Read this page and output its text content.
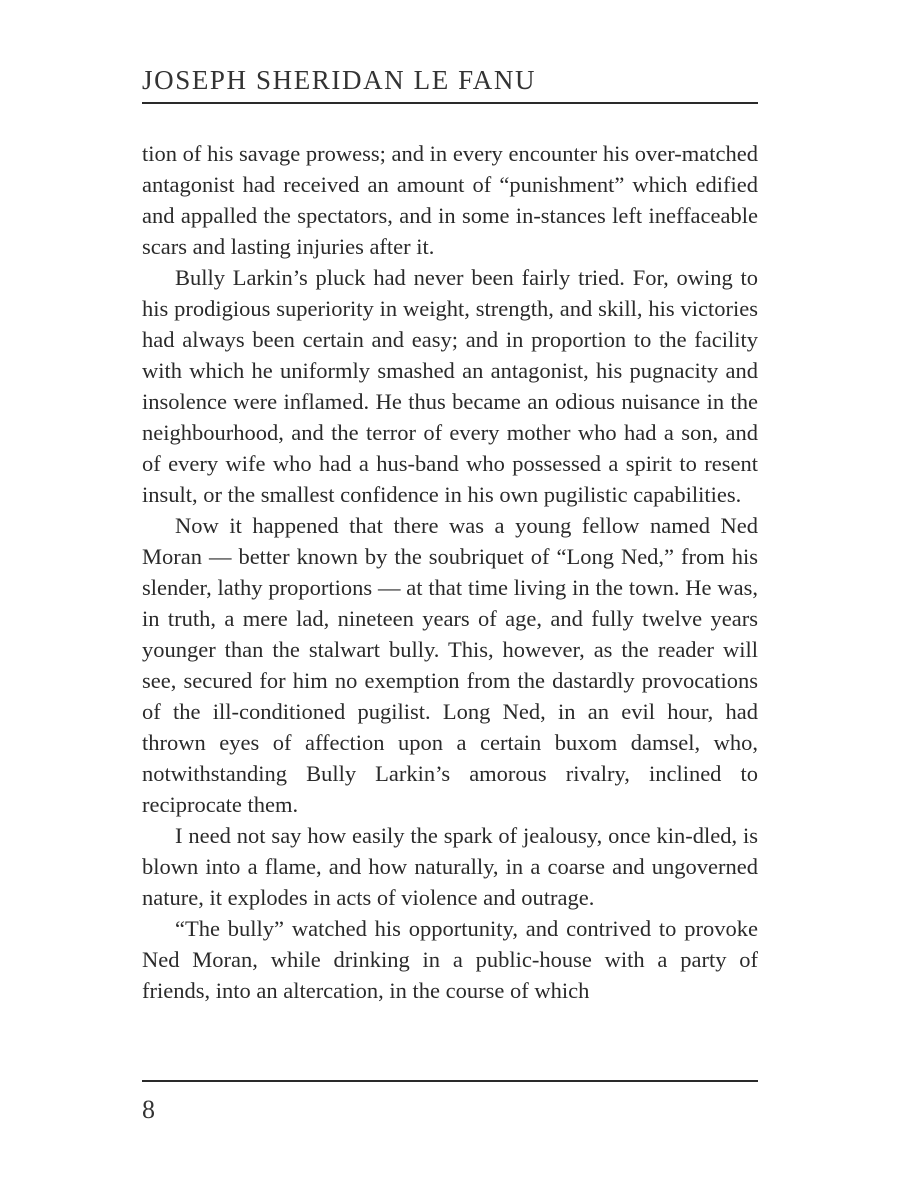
JOSEPH SHERIDAN LE FANU

tion of his savage prowess; and in every encounter his over-matched antagonist had received an amount of “punishment” which edified and appalled the spectators, and in some in-stances left ineffaceable scars and lasting injuries after it.

Bully Larkin’s pluck had never been fairly tried. For, owing to his prodigious superiority in weight, strength, and skill, his victories had always been certain and easy; and in proportion to the facility with which he uniformly smashed an antagonist, his pugnacity and insolence were inflamed. He thus became an odious nuisance in the neighbourhood, and the terror of every mother who had a son, and of every wife who had a hus-band who possessed a spirit to resent insult, or the smallest confidence in his own pugilistic capabilities.

Now it happened that there was a young fellow named Ned Moran — better known by the soubriquet of “Long Ned,” from his slender, lathy proportions — at that time living in the town. He was, in truth, a mere lad, nineteen years of age, and fully twelve years younger than the stalwart bully. This, however, as the reader will see, secured for him no exemption from the dastardly provocations of the ill-conditioned pugilist. Long Ned, in an evil hour, had thrown eyes of affection upon a certain buxom damsel, who, notwithstanding Bully Larkin’s amorous rivalry, inclined to reciprocate them.

I need not say how easily the spark of jealousy, once kin-dled, is blown into a flame, and how naturally, in a coarse and ungoverned nature, it explodes in acts of violence and outrage.

“The bully” watched his opportunity, and contrived to provoke Ned Moran, while drinking in a public-house with a party of friends, into an altercation, in the course of which

8
